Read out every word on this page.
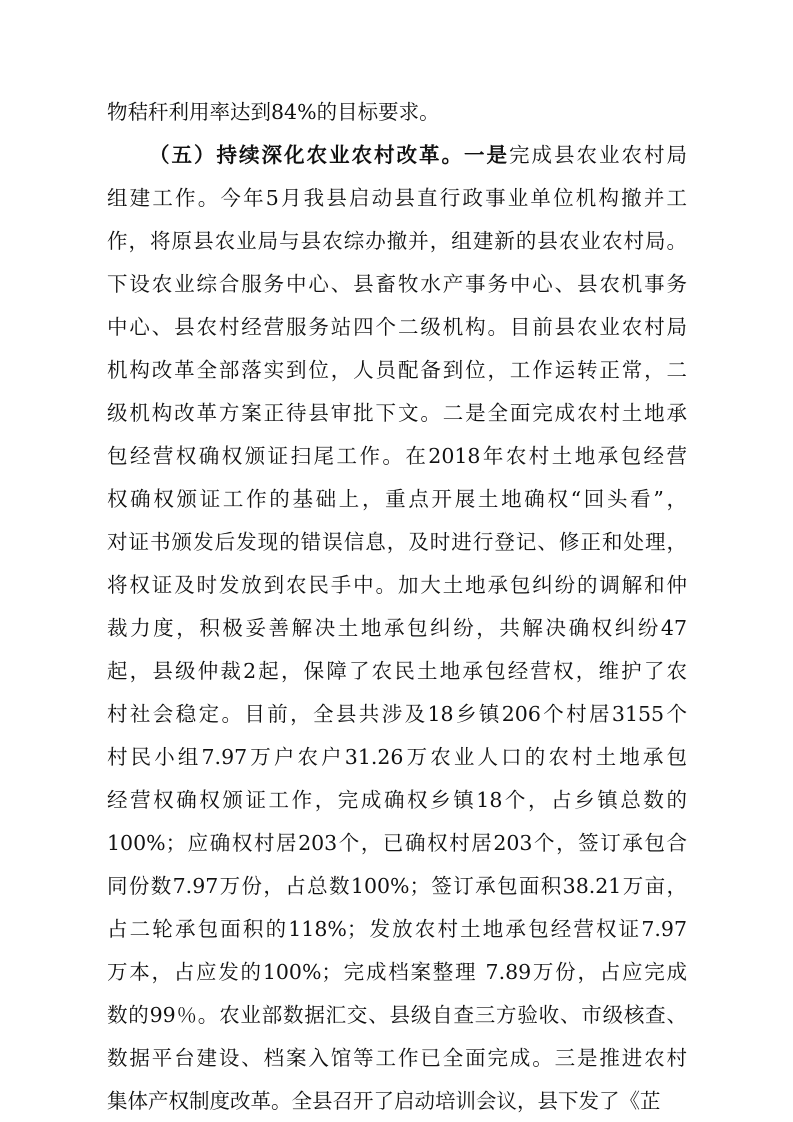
物秸秆利用率达到84%的目标要求。
（五）持续深化农业农村改革。一是完成县农业农村局
组建工作。今年5月我县启动县直行政事业单位机构撤并工
作，将原县农业局与县农综办撤并，组建新的县农业农村局。
下设农业综合服务中心、县畜牧水产事务中心、县农机事务
中心、县农村经营服务站四个二级机构。目前县农业农村局
机构改革全部落实到位，人员配备到位，工作运转正常，二
级机构改革方案正待县审批下文。二是全面完成农村土地承
包经营权确权颁证扫尾工作。在2018年农村土地承包经营
权确权颁证工作的基础上，重点开展土地确权“回头看”，
对证书颁发后发现的错误信息，及时进行登记、修正和处理，
将权证及时发放到农民手中。加大土地承包纠纷的调解和仲
裁力度，积极妥善解决土地承包纠纷，共解决确权纠纷47
起，县级仲裁2起，保障了农民土地承包经营权，维护了农
村社会稳定。目前，全县共涉及18乡镇206个村居3155个
村民小组7.97万户农户31.26万农业人口的农村土地承包
经营权确权颁证工作，完成确权乡镇18个，占乡镇总数的
100%；应确权村居203个，已确权村居203个，签订承包合
同份数7.97万份，占总数100%；签订承包面积38.21万亩，
占二轮承包面积的118%；发放农村土地承包经营权证7.97
万本，占应发的100%；完成档案整理 7.89万份，占应完成
数的99％。农业部数据汇交、县级自查三方验收、市级核查、
数据平台建设、档案入馆等工作已全面完成。三是推进农村
集体产权制度改革。全县召开了启动培训会议，县下发了《芷
